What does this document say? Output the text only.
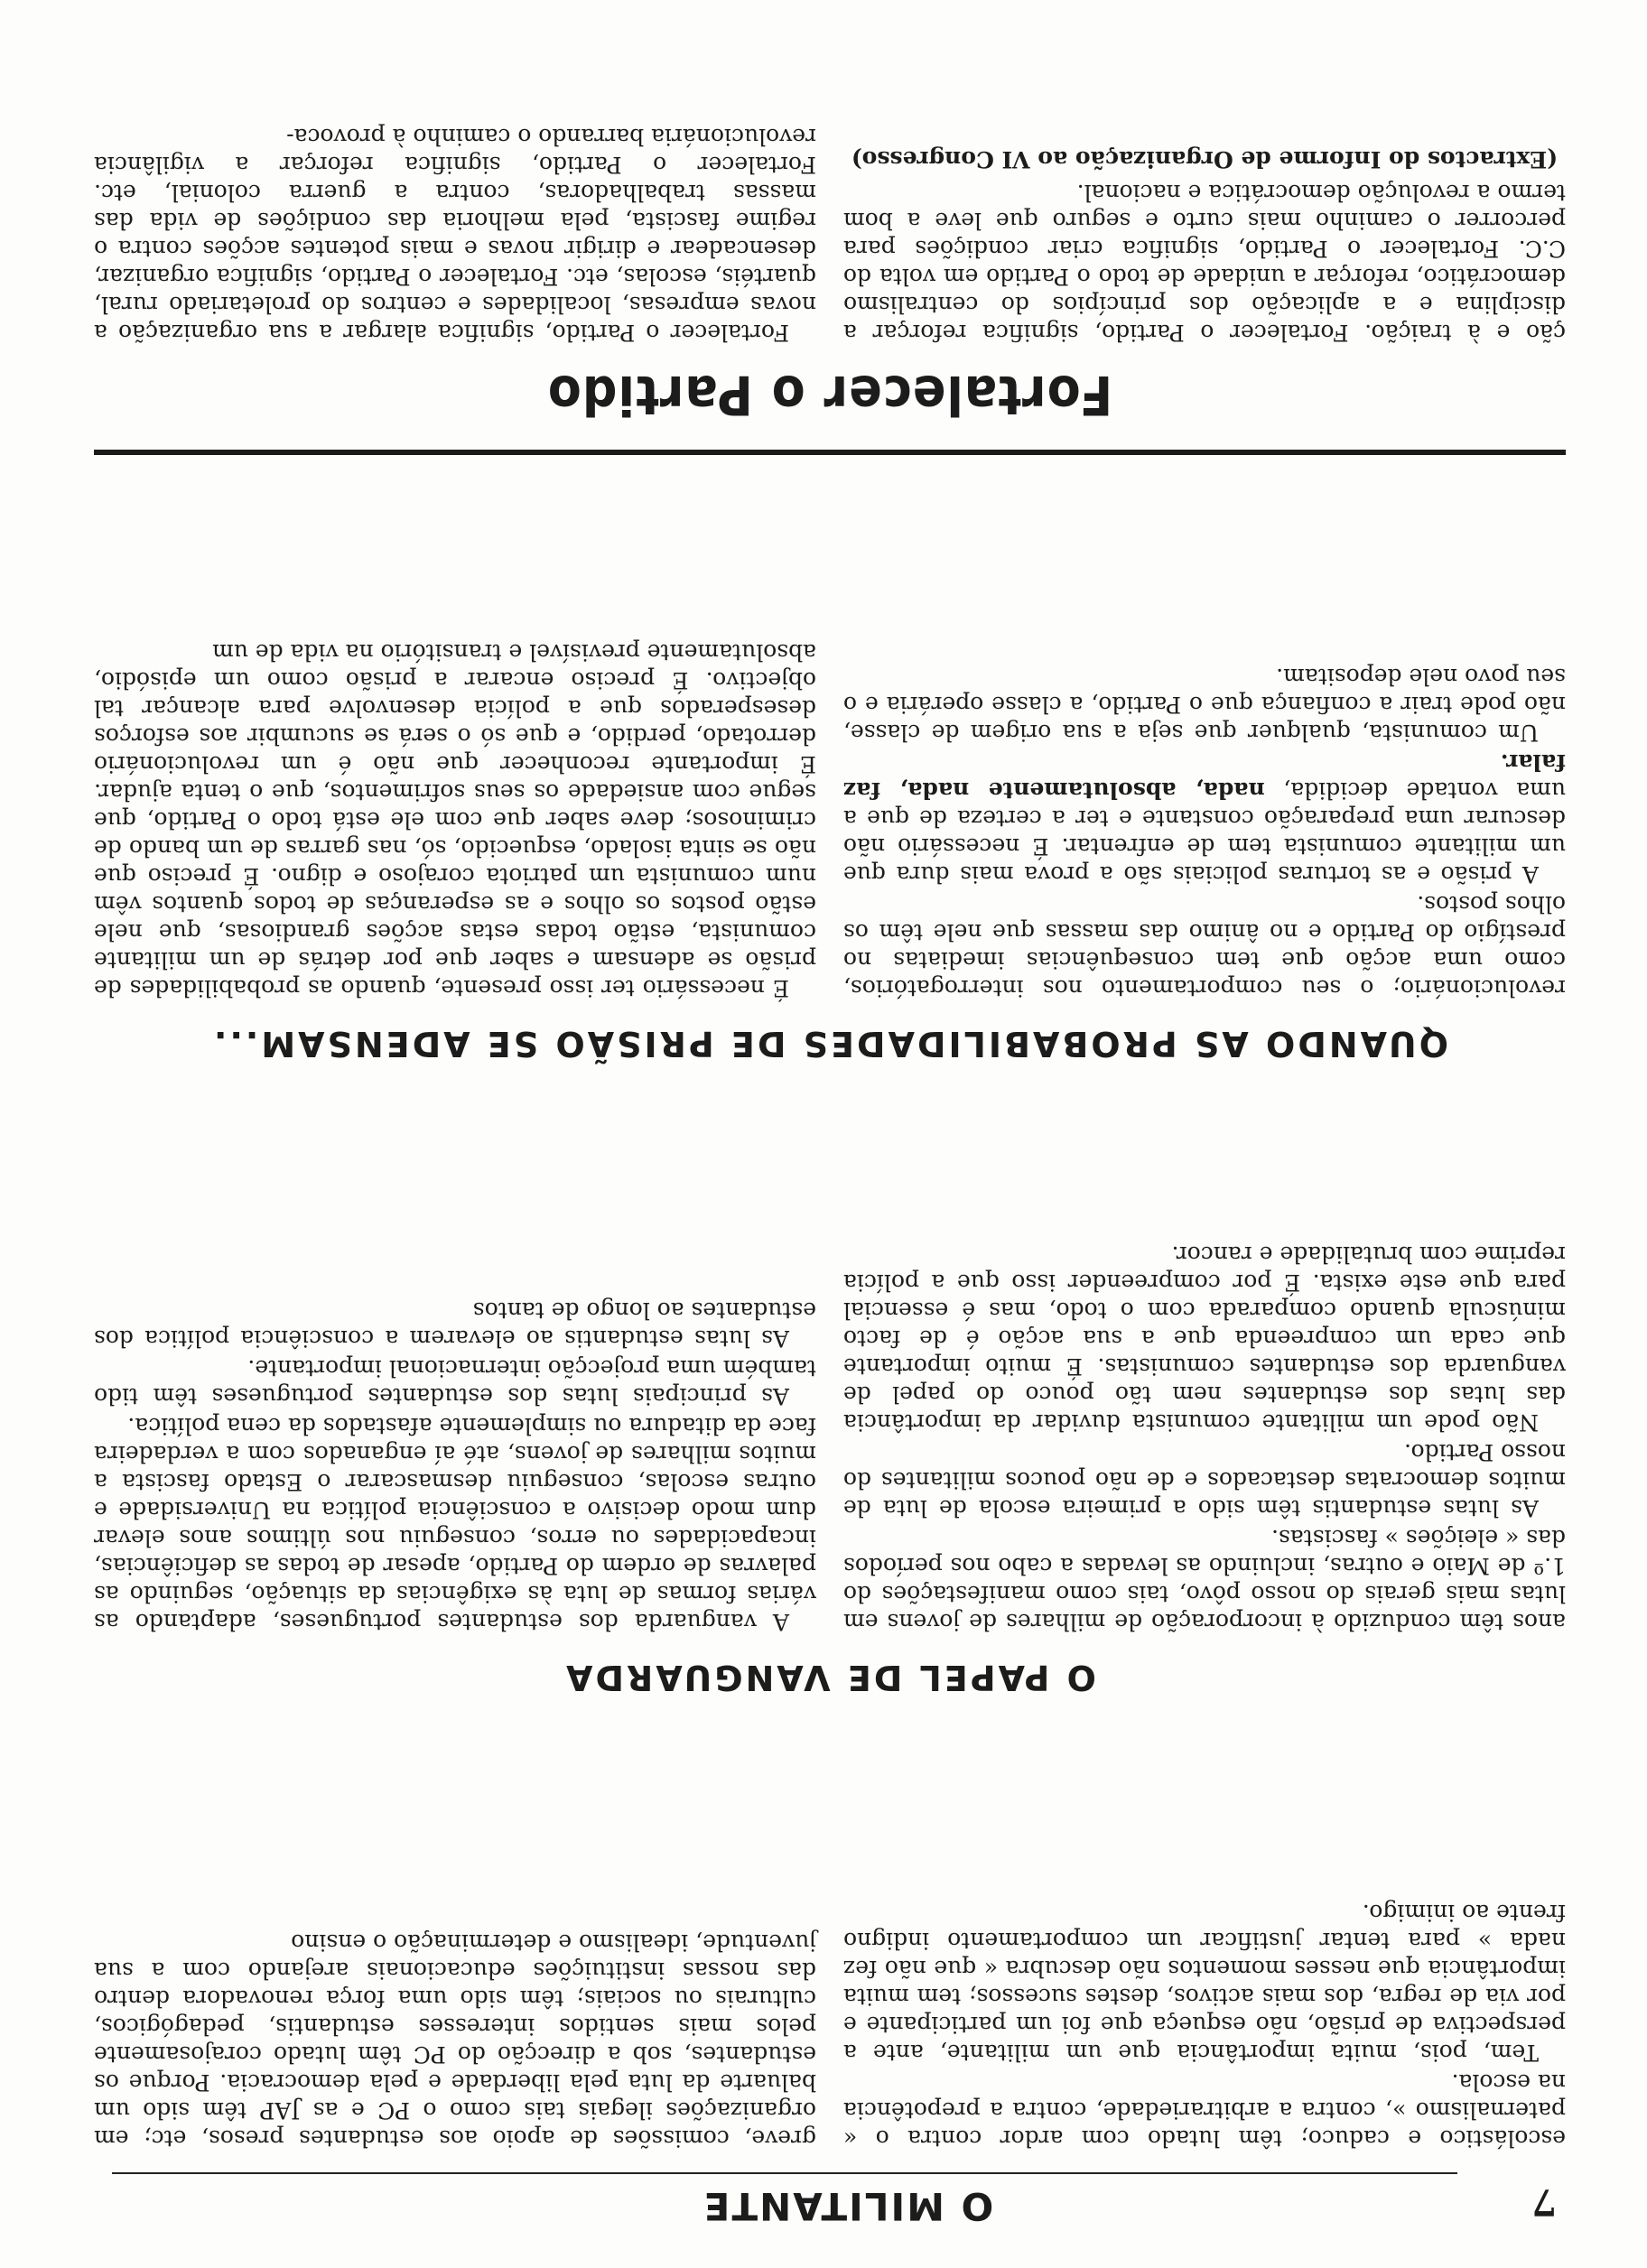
7
O MILITANTE

escolástico e caduco; têm lutado com ardor contra o « paternalismo », contra a arbitrariedade, contra a prepotência na escola.

Tem, pois, muita importância que um militante, ante a perspectiva de prisão, não esqueça que foi um participante e por via de regra, dos mais activos, destes sucessos; tem muita importância que nesses momentos não descubra « que não fez nada » para tentar justificar um comportamento indigno frente ao inimigo.

greve, comissões de apoio aos estudantes presos, etc; em organizações ilegais tais como o PC e as JAP têm sido um baluarte da luta pela liberdade e pela democracia. Porque os estudantes, sob a direcção do PC têm lutado corajosamente pelos mais sentidos interesses estudantis, pedagógicos, culturais ou sociais; têm sido uma força renovadora dentro das nossas instituições educacionais arejando com a sua juventude, idealismo e determinação o ensino

O PAPEL DE VANGUARDA

anos têm conduzido à incorporação de milhares de jovens em lutas mais gerais do nosso pôvo, tais como manifestações do 1.º de Maio e outras, incluindo as levadas a cabo nos períodos das « eleições » fascistas.

As lutas estudantis têm sido a primeira escola de luta de muitos democratas destacados e de não poucos militantes do nosso Partido.

Não pode um militante comunista duvidar da importância das lutas dos estudantes nem tão pouco do papel de vanguarda dos estudantes comunistas. É muito importante que cada um compreenda que a sua acção é de facto minúscula quando comparada com o todo, mas é essencial para que este exista. É por compreender isso que a polícia reprime com brutalidade e rancor.

A vanguarda dos estudantes portugueses, adaptando as várias formas de luta às exigências da situação, seguindo as palavras de ordem do Partido, apesar de todas as deficiências, incapacidades ou erros, conseguiu nos últimos anos elevar dum modo decisivo a consciência política na Universidade e outras escolas, conseguiu desmascarar o Estado fascista a muitos milhares de jovens, até aí enganados com a verdadeira face da ditadura ou simplemente afastados da cena política.

As principais lutas dos estudantes portugueses têm tido também uma projecção internacional importante.

As lutas estudantis ao elevarem a consciência política dos estudantes ao longo de tantos

QUANDO AS PROBABILIDADES DE PRISÃO SE ADENSAM...

revolucionário; o seu comportamento nos interrogatórios, como uma acção que tem consequências imediatas no prestígio do Partido e no ânimo das massas que nele têm os olhos postos.

A prisão e as torturas policiais são a prova mais dura que um militante comunista tem de enfrentar. É necessário não descurar uma preparação constante e ter a certeza de que a uma vontade decidida, nada, absolutamente nada, faz falar.

Um comunista, qualquer que seja a sua origem de classe, não pode trair a confiança que o Partido, a classe operária e o seu povo nele depositam.

É necessário ter isso presente, quando as probabilidades de prisão se adensam e saber que por detrás de um militante comunista, estão todas estas acções grandiosas, que nele estão postos os olhos e as esperanças de todos quantos vêm num comunista um patriota corajoso e digno. É preciso que não se sinta isolado, esquecido, só, nas garras de um bando de criminosos; deve saber que com ele está todo o Partido, que segue com ansiedade os seus sofrimentos, que o tenta ajudar. É importante reconhecer que não é um revolucionário derrotado, perdido, e que só o será se sucumbir aos esforços desesperados que a polícia desenvolve para alcançar tal objectivo. É preciso encarar a prisão como um episódio, absolutamente previsível e transitório na vida de um

Fortalecer o Partido

ção e à traição. Fortalecer o Partido, significa reforçar a disciplina e a aplicação dos princípios do centralismo democrático, reforçar a unidade de todo o Partido em volta do C.C. Fortalecer o Partido, significa criar condições para percorrer o caminho mais curto e seguro que leve a bom termo a revolução democrática e nacional.

(Extractos do Informe de Organização ao VI Congresso)

Fortalecer o Partido, significa alargar a sua organização a novas empresas, localidades e centros do proletariado rural, quartéis, escolas, etc. Fortalecer o Partido, significa organizar, desencadear e dirigir novas e mais potentes acções contra o regime fascista, pela melhoria das condições de vida das massas trabalhadoras, contra a guerra colonial, etc. Fortalecer o Partido, significa reforçar a vigilância revolucionária barrando o caminho à provoca-
